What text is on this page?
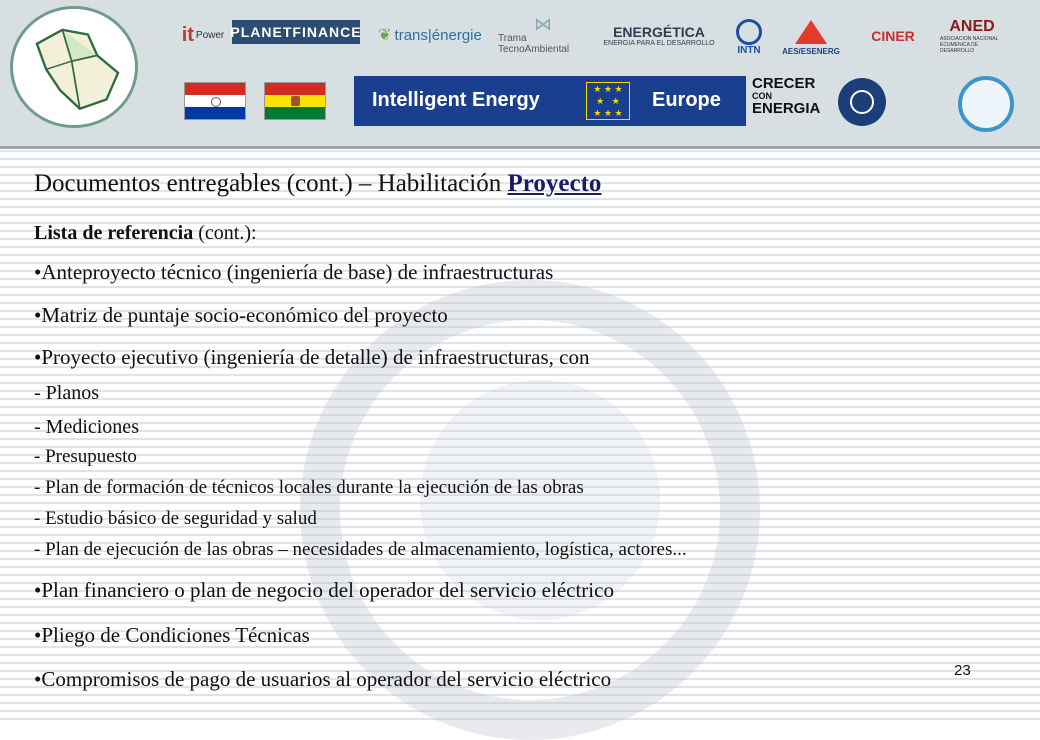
it Power PLANETFINANCE ❦ trans|énergie
⋈
Trama TecnoAmbiental
ENERGÉTICA
ENERGIA PARA EL DESARROLLO
INTN	AES/ESENERG
CINER
ANED
ASOCIACION NACIONAL ECUMENICA DE DESARROLLO
Intelligent Energy	★ ★ ★
★   ★
★ ★ ★
Europe
CRECER
CON
ENERGIA
Documentos entregables (cont.) – Habilitación Proyecto
Lista de referencia (cont.):
•Anteproyecto técnico (ingeniería de base) de infraestructuras
•Matriz de puntaje socio-económico del proyecto
•Proyecto ejecutivo (ingeniería de detalle) de infraestructuras, con
- Planos
- Mediciones
- Presupuesto
- Plan de formación de técnicos locales durante la ejecución de las obras
- Estudio básico de seguridad y salud
- Plan de ejecución de las obras – necesidades de almacenamiento, logística, actores...
•Plan financiero o plan de negocio del operador del servicio eléctrico
•Pliego de Condiciones Técnicas
•Compromisos de pago de usuarios al operador del servicio eléctrico	23
